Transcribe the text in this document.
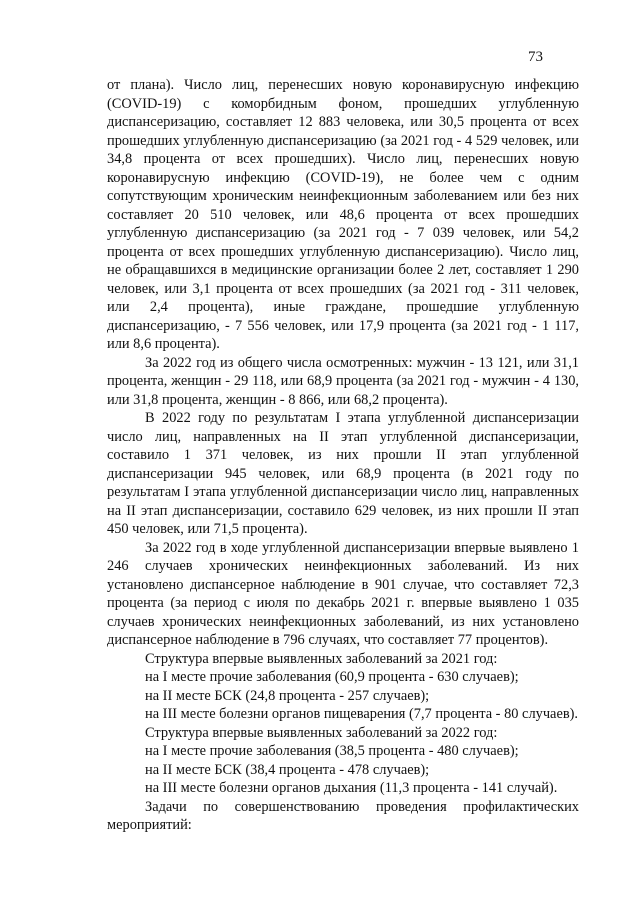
73

от плана). Число лиц, перенесших новую коронавирусную инфекцию (COVID-19) с коморбидным фоном, прошедших углубленную диспансеризацию, составляет 12 883 человека, или 30,5 процента от всех прошедших углубленную диспансеризацию (за 2021 год - 4 529 человек, или 34,8 процента от всех прошедших). Число лиц, перенесших новую коронавирусную инфекцию (COVID-19), не более чем с одним сопутствующим хроническим неинфекционным заболеванием или без них составляет 20 510 человек, или 48,6 процента от всех прошедших углубленную диспансеризацию (за 2021 год - 7 039 человек, или 54,2 процента от всех прошедших углубленную диспансеризацию). Число лиц, не обращавшихся в медицинские организации более 2 лет, составляет 1 290 человек, или 3,1 процента от всех прошедших (за 2021 год - 311 человек, или 2,4 процента), иные граждане, прошедшие углубленную диспансеризацию, - 7 556 человек, или 17,9 процента (за 2021 год - 1 117, или 8,6 процента).

За 2022 год из общего числа осмотренных: мужчин - 13 121, или 31,1 процента, женщин - 29 118, или 68,9 процента (за 2021 год - мужчин - 4 130, или 31,8 процента, женщин - 8 866, или 68,2 процента).

В 2022 году по результатам I этапа углубленной диспансеризации число лиц, направленных на II этап углубленной диспансеризации, составило 1 371 человек, из них прошли II этап углубленной диспансеризации 945 человек, или 68,9 процента (в 2021 году по результатам I этапа углубленной диспансеризации число лиц, направленных на II этап диспансеризации, составило 629 человек, из них прошли II этап 450 человек, или 71,5 процента).

За 2022 год в ходе углубленной диспансеризации впервые выявлено 1 246 случаев хронических неинфекционных заболеваний. Из них установлено диспансерное наблюдение в 901 случае, что составляет 72,3 процента (за период с июля по декабрь 2021 г. впервые выявлено 1 035 случаев хронических неинфекционных заболеваний, из них установлено диспансерное наблюдение в 796 случаях, что составляет 77 процентов).

Структура впервые выявленных заболеваний за 2021 год:

на I месте прочие заболевания (60,9 процента - 630 случаев);

на II месте БСК (24,8 процента - 257 случаев);

на III месте болезни органов пищеварения (7,7 процента - 80 случаев).

Структура впервые выявленных заболеваний за 2022 год:

на I месте прочие заболевания (38,5 процента - 480 случаев);

на II месте БСК (38,4 процента - 478 случаев);

на III месте болезни органов дыхания (11,3 процента - 141 случай).

Задачи по совершенствованию проведения профилактических мероприятий:
